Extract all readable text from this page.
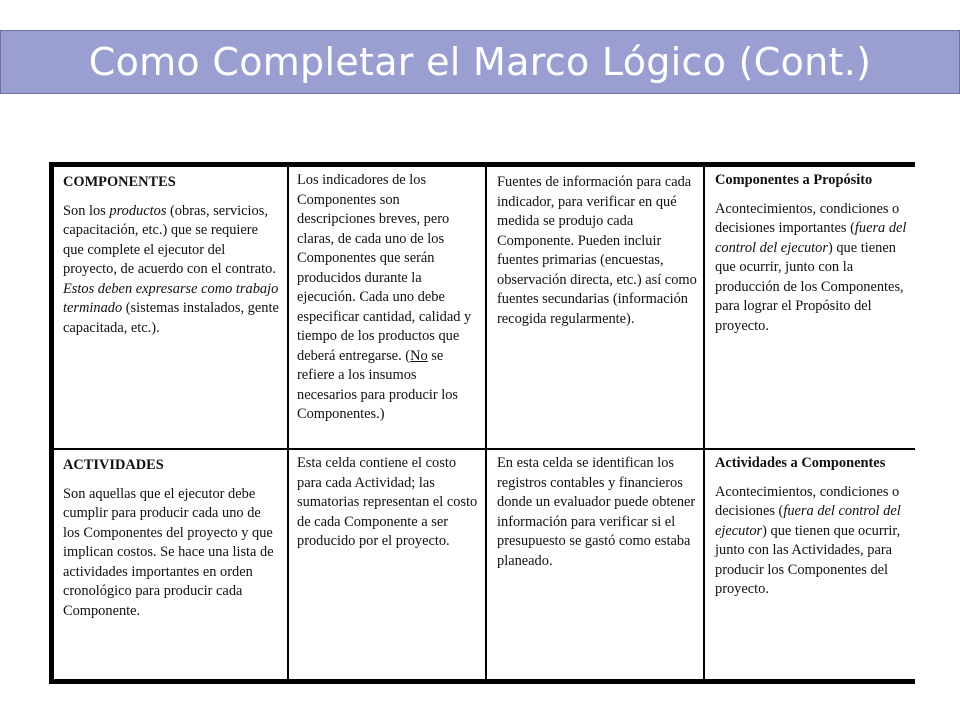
Como Completar el Marco Lógico (Cont.)

COMPONENTES

Son los productos (obras, servicios, capacitación, etc.) que se requiere que complete el ejecutor del proyecto, de acuerdo con el contrato. Estos deben expresarse como trabajo terminado (sistemas instalados, gente capacitada, etc.).

Los indicadores de los Componentes son descripciones breves, pero claras, de cada uno de los Componentes que serán producidos durante la ejecución. Cada uno debe especificar cantidad, calidad y tiempo de los productos que deberá entregarse. (No se refiere a los insumos necesarios para producir los Componentes.)

Fuentes de información para cada indicador, para verificar en qué medida se produjo cada Componente. Pueden incluir fuentes primarias (encuestas, observación directa, etc.) así como fuentes secundarias (información recogida regularmente).

Componentes a Propósito

Acontecimientos, condiciones o decisiones importantes (fuera del control del ejecutor) que tienen que ocurrir, junto con la producción de los Componentes, para lograr el Propósito del proyecto.

ACTIVIDADES

Son aquellas que el ejecutor debe cumplir para producir cada uno de los Componentes del proyecto y que implican costos. Se hace una lista de actividades importantes en orden cronológico para producir cada Componente.

Esta celda contiene el costo para cada Actividad; las sumatorias representan el costo de cada Componente a ser producido por el proyecto.

En esta celda se identifican los registros contables y financieros donde un evaluador puede obtener información para verificar si el presupuesto se gastó como estaba planeado.

Actividades a Componentes

Acontecimientos, condiciones o decisiones (fuera del control del ejecutor) que tienen que ocurrir, junto con las Actividades, para producir los Componentes del proyecto.
